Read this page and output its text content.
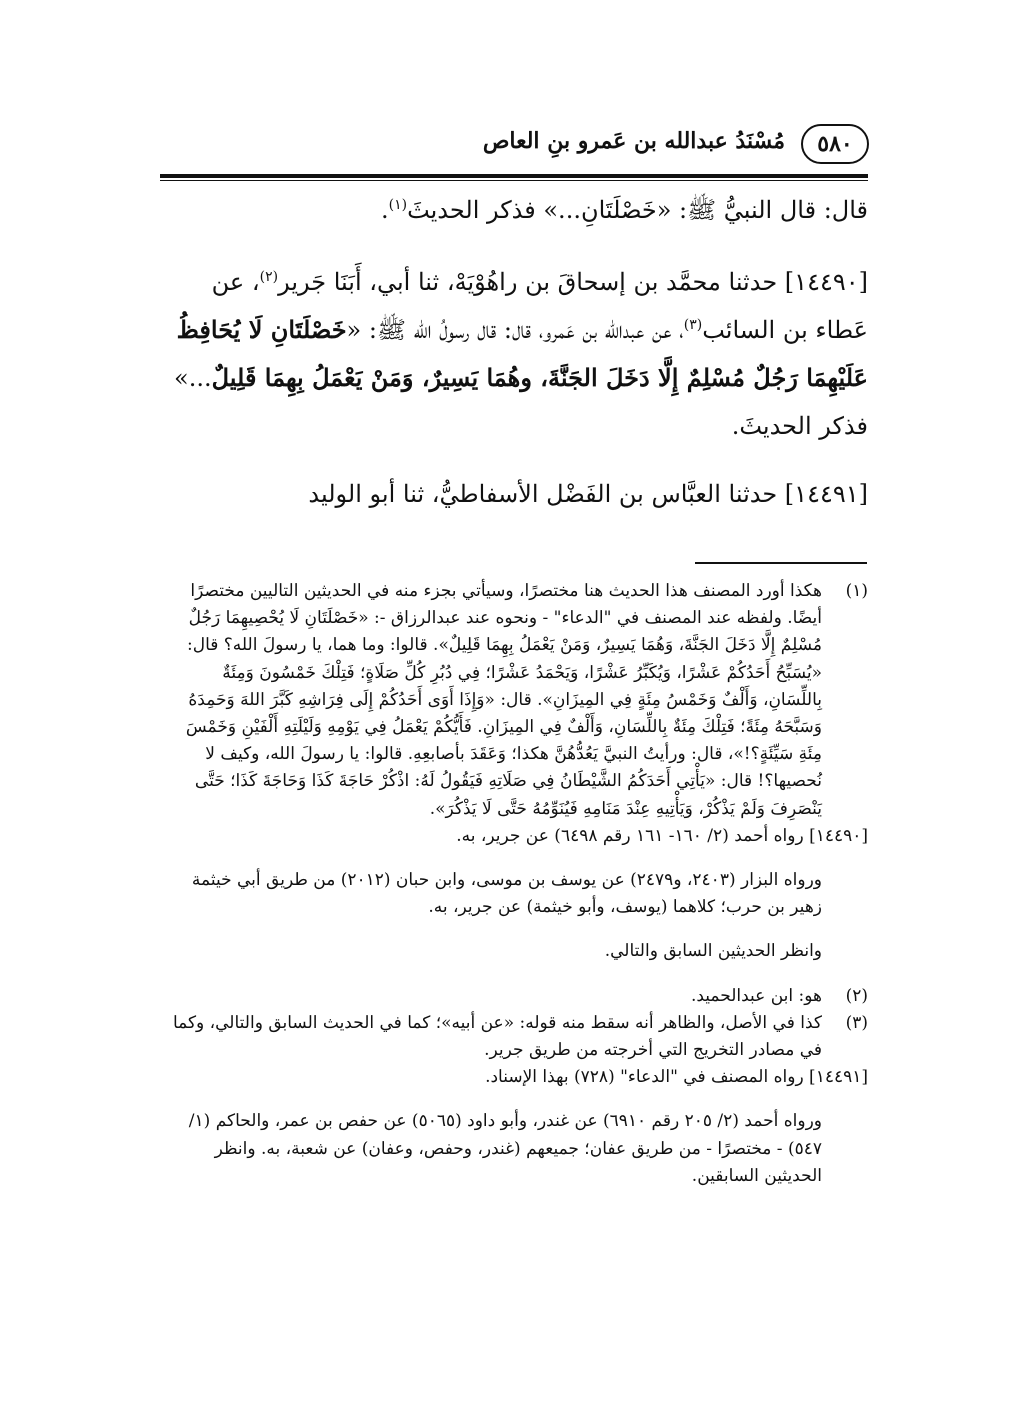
٥٨٠
مُسْنَدُ عبدالله بن عَمرو بنِ العاص

قال: قال النبيُّ ﷺ: «خَصْلَتَانِ...» فذكر الحديثَ$^{(١)}$.

[١٤٤٩٠] حدثنا محمَّد بن إسحاقَ بن راهُوْيَهْ، ثنا أبي، أَبَنَا جَرير$^{(٢)}$، عن عَطاء بن السائب$^{(٣)}$، عن عبدالله بن عَمرو، قال: قال رسولُ الله ﷺ: «خَصْلَتَانِ لَا يُحَافِظُ عَلَيْهِمَا رَجُلٌ مُسْلِمٌ إِلَّا دَخَلَ الجَنَّةَ، وهُمَا يَسِيرٌ، وَمَنْ يَعْمَلُ بِهِمَا قَلِيلٌ...» فذكر الحديثَ.

[١٤٤٩١] حدثنا العبَّاس بن الفَضْل الأسفاطيُّ، ثنا أبو الوليد

(١)

هكذا أورد المصنف هذا الحديث هنا مختصرًا، وسيأتي بجزء منه في الحديثين التاليين مختصرًا أيضًا. ولفظه عند المصنف في "الدعاء" - ونحوه عند عبدالرزاق -: «خَصْلَتَانِ لَا يُحْصِيهِمَا رَجُلٌ مُسْلِمٌ إِلَّا دَخَلَ الجَنَّةَ، وَهُمَا يَسِيرٌ، وَمَنْ يَعْمَلُ بِهِمَا قَلِيلٌ». قالوا: وما هما، يا رسولَ الله؟ قال: «يُسَبِّحُ أَحَدُكُمْ عَشْرًا، وَيُكَبِّرُ عَشْرًا، وَيَحْمَدُ عَشْرًا؛ فِي دُبُرِ كُلِّ صَلَاةٍ؛ فَتِلْكَ خَمْسُونَ وَمِئَةٌ بِاللِّسَانِ، وَأَلْفٌ وَخَمْسُ مِئَةٍ فِي المِيزَانِ». قال: «وَإِذَا أَوَى أَحَدُكُمْ إِلَى فِرَاشِهِ كَبَّرَ اللهَ وَحَمِدَهُ وَسَبَّحَهُ مِئَةً؛ فَتِلْكَ مِئَةٌ بِاللِّسَانِ، وَأَلْفٌ فِي المِيزَانِ. فَأَيُّكُمْ يَعْمَلُ فِي يَوْمِهِ وَلَيْلَتِهِ أَلْفَيْنِ وَخَمْسَ مِئَةِ سَيِّئَةٍ؟!»، قال: ورأيتُ النبيَّ يَعُدُّهُنَّ هكذا؛ وَعَقَدَ بأصابعِهِ. قالوا: يا رسولَ الله، وكيف لا نُحصيها؟! قال: «يَأْتِي أَحَدَكُمُ الشَّيْطَانُ فِي صَلَاتِهِ فَيَقُولُ لَهُ: اذْكُرْ حَاجَةَ كَذَا وَحَاجَةَ كَذَا؛ حَتَّى يَنْصَرِفَ وَلَمْ يَذْكُرْ، وَيَأْتِيهِ عِنْدَ مَنَامِهِ فَيُنَوِّمُهُ حَتَّى لَا يَذْكُرَ».

[١٤٤٩٠] رواه أحمد (٢/ ١٦٠- ١٦١ رقم ٦٤٩٨) عن جرير، به.

ورواه البزار (٢٤٠٣، و٢٤٧٩) عن يوسف بن موسى، وابن حبان (٢٠١٢) من طريق أبي خيثمة زهير بن حرب؛ كلاهما (يوسف، وأبو خيثمة) عن جرير، به.

وانظر الحديثين السابق والتالي.

(٢)

هو: ابن عبدالحميد.

(٣)

كذا في الأصل، والظاهر أنه سقط منه قوله: «عن أبيه»؛ كما في الحديث السابق والتالي، وكما في مصادر التخريج التي أخرجته من طريق جرير.

[١٤٤٩١] رواه المصنف في "الدعاء" (٧٢٨) بهذا الإسناد.

ورواه أحمد (٢/ ٢٠٥ رقم ٦٩١٠) عن غندر، وأبو داود (٥٠٦٥) عن حفص بن عمر، والحاكم (١/ ٥٤٧) - مختصرًا - من طريق عفان؛ جميعهم (غندر، وحفص، وعفان) عن شعبة، به. وانظر الحديثين السابقين.
